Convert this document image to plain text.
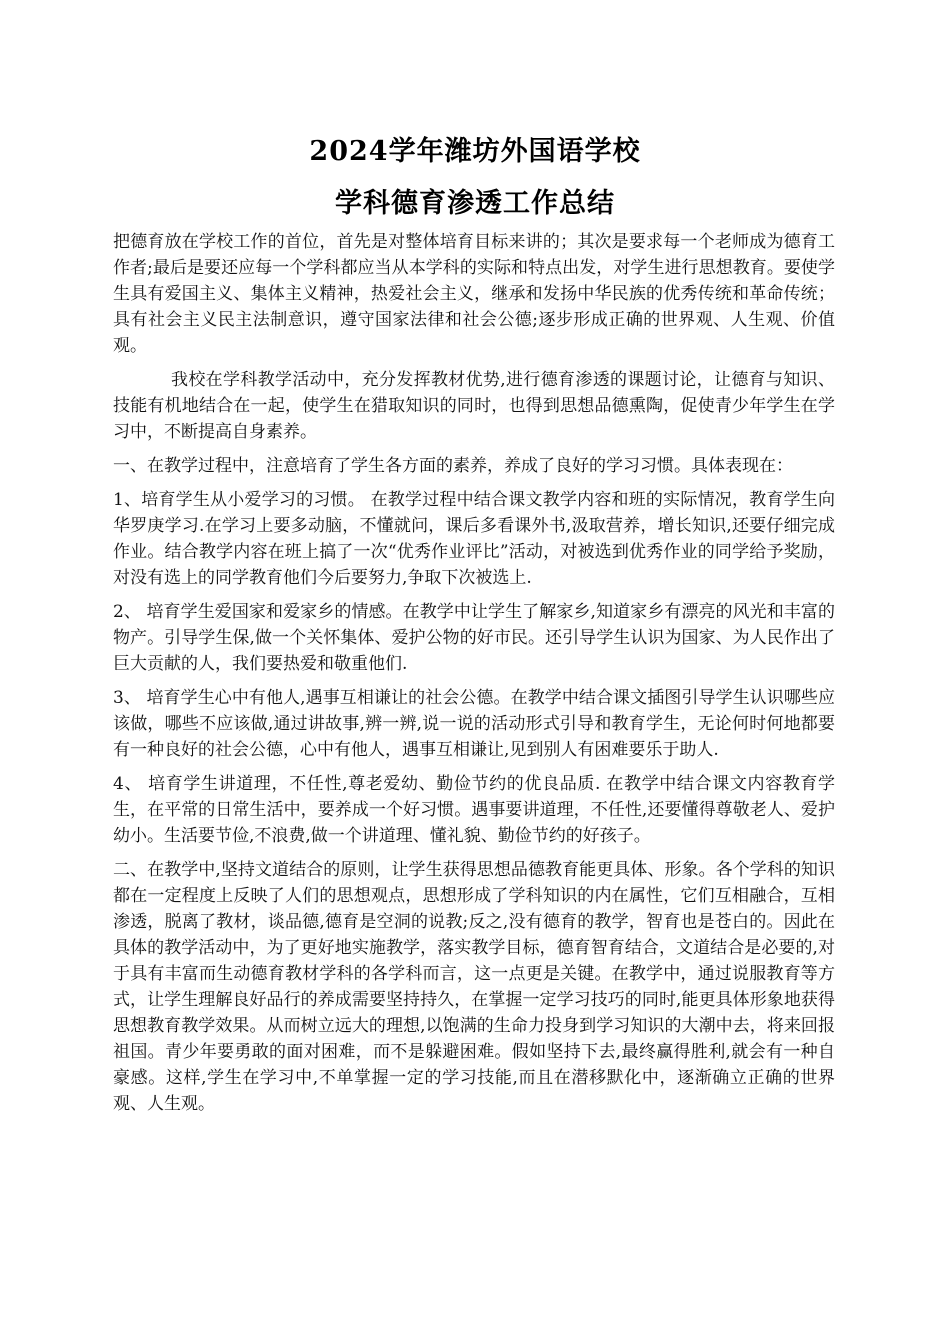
2024学年潍坊外国语学校
学科德育渗透工作总结

把德育放在学校工作的首位，首先是对整体培育目标来讲的；其次是要求每一个老师成为德育工作者;最后是要还应每一个学科都应当从本学科的实际和特点出发，对学生进行思想教育。要使学生具有爱国主义、集体主义精神，热爱社会主义，继承和发扬中华民族的优秀传统和革命传统；具有社会主义民主法制意识，遵守国家法律和社会公德;逐步形成正确的世界观、人生观、价值观。

我校在学科教学活动中，充分发挥教材优势,进行德育渗透的课题讨论，让德育与知识、技能有机地结合在一起，使学生在猎取知识的同时，也得到思想品德熏陶，促使青少年学生在学习中，不断提高自身素养。

一、在教学过程中，注意培育了学生各方面的素养，养成了良好的学习习惯。具体表现在：

1、培育学生从小爱学习的习惯。 在教学过程中结合课文教学内容和班的实际情况，教育学生向华罗庚学习.在学习上要多动脑，不懂就问，课后多看课外书,汲取营养，增长知识,还要仔细完成作业。结合教学内容在班上搞了一次“优秀作业评比”活动，对被选到优秀作业的同学给予奖励，对没有选上的同学教育他们今后要努力,争取下次被选上.

2、 培育学生爱国家和爱家乡的情感。在教学中让学生了解家乡,知道家乡有漂亮的风光和丰富的物产。引导学生保,做一个关怀集体、爱护公物的好市民。还引导学生认识为国家、为人民作出了巨大贡献的人，我们要热爱和敬重他们.

3、 培育学生心中有他人,遇事互相谦让的社会公德。在教学中结合课文插图引导学生认识哪些应该做，哪些不应该做,通过讲故事,辨一辨,说一说的活动形式引导和教育学生，无论何时何地都要有一种良好的社会公德，心中有他人，遇事互相谦让,见到别人有困难要乐于助人.

4、 培育学生讲道理，不任性,尊老爱幼、勤俭节约的优良品质. 在教学中结合课文内容教育学生，在平常的日常生活中，要养成一个好习惯。遇事要讲道理，不任性,还要懂得尊敬老人、爱护幼小。生活要节俭,不浪费,做一个讲道理、懂礼貌、勤俭节约的好孩子。

二、在教学中,坚持文道结合的原则，让学生获得思想品德教育能更具体、形象。各个学科的知识都在一定程度上反映了人们的思想观点，思想形成了学科知识的内在属性，它们互相融合，互相渗透，脱离了教材，谈品德,德育是空洞的说教;反之,没有德育的教学，智育也是苍白的。因此在具体的教学活动中，为了更好地实施教学，落实教学目标，德育智育结合，文道结合是必要的,对于具有丰富而生动德育教材学科的各学科而言，这一点更是关键。在教学中，通过说服教育等方式，让学生理解良好品行的养成需要坚持持久，在掌握一定学习技巧的同时,能更具体形象地获得思想教育教学效果。从而树立远大的理想,以饱满的生命力投身到学习知识的大潮中去，将来回报祖国。青少年要勇敢的面对困难，而不是躲避困难。假如坚持下去,最终赢得胜利,就会有一种自豪感。这样,学生在学习中,不单掌握一定的学习技能,而且在潜移默化中，逐渐确立正确的世界观、人生观。
